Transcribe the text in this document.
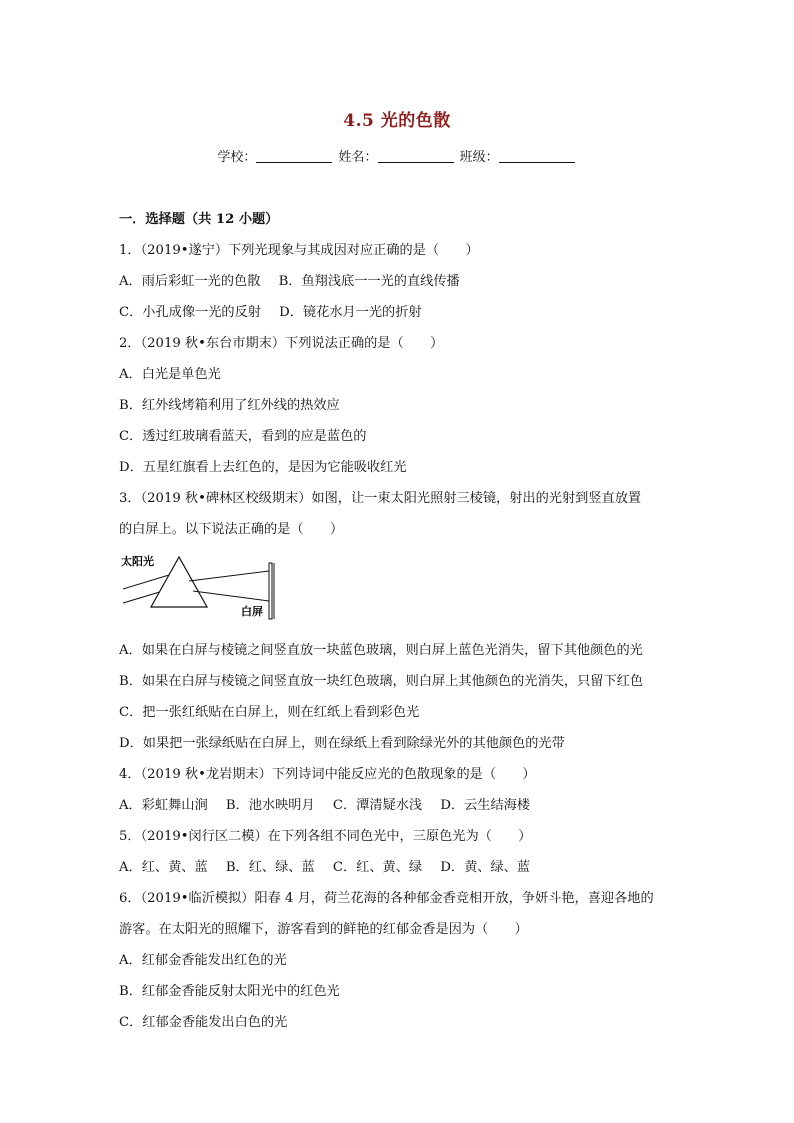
4.5 光的色散
学校：	姓名：	班级：
一．选择题（共 12 小题）
1．（2019•遂宁）下列光现象与其成因对应正确的是（　　）
A．雨后彩虹一光的色散 B．鱼翔浅底一一光的直线传播
C．小孔成像一光的反射 D．镜花水月一光的折射
2．（2019 秋•东台市期末）下列说法正确的是（　　）
A．白光是单色光
B．红外线烤箱利用了红外线的热效应
C．透过红玻璃看蓝天，看到的应是蓝色的
D．五星红旗看上去红色的，是因为它能吸收红光
3．（2019 秋•碑林区校级期末）如图，让一束太阳光照射三棱镜，射出的光射到竖直放置
的白屏上。以下说法正确的是（　　）
太阳光
白屏
A．如果在白屏与棱镜之间竖直放一块蓝色玻璃，则白屏上蓝色光消失，留下其他颜色的光
B．如果在白屏与棱镜之间竖直放一块红色玻璃，则白屏上其他颜色的光消失，只留下红色
C．把一张红纸贴在白屏上，则在红纸上看到彩色光
D．如果把一张绿纸贴在白屏上，则在绿纸上看到除绿光外的其他颜色的光带
4．（2019 秋•龙岩期末）下列诗词中能反应光的色散现象的是（　　）
A．彩虹舞山涧 B．池水映明月 C．潭清疑水浅 D．云生结海楼
5．（2019•闵行区二模）在下列各组不同色光中，三原色光为（　　）
A．红、黄、蓝 B．红、绿、蓝 C．红、黄、绿 D．黄、绿、蓝
6．（2019•临沂模拟）阳春 4 月，荷兰花海的各种郁金香竞相开放，争妍斗艳，喜迎各地的
游客。在太阳光的照耀下，游客看到的鲜艳的红郁金香是因为（　　）
A．红郁金香能发出红色的光
B．红郁金香能反射太阳光中的红色光
C．红郁金香能发出白色的光
